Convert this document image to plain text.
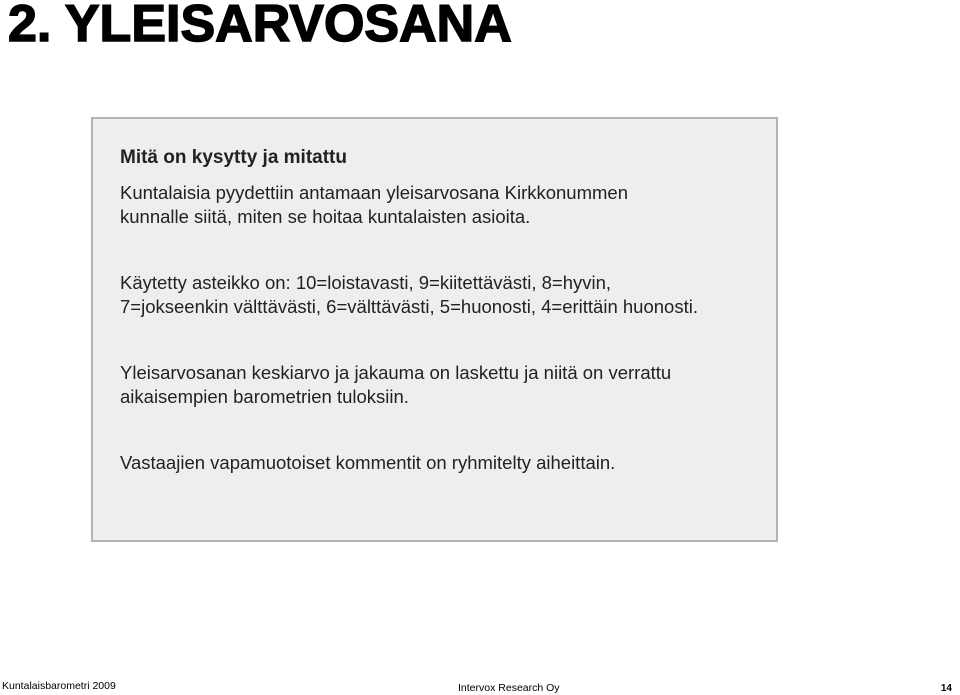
2. YLEISARVOSANA
Mitä on kysytty ja mitattu

Kuntalaisia pyydettiin antamaan yleisarvosana Kirkkonummen
kunnalle siitä, miten se hoitaa kuntalaisten asioita.

Käytetty asteikko on: 10=loistavasti, 9=kiitettävästi, 8=hyvin,
7=jokseenkin välttävästi, 6=välttävästi, 5=huonosti, 4=erittäin huonosti.

Yleisarvosanan keskiarvo ja jakauma on laskettu ja niitä on verrattu
aikaisempien barometrien tuloksiin.

Vastaajien vapamuotoiset kommentit on ryhmitelty aiheittain.

Kuntalaisbarometri 2009	Intervox Research Oy	14
